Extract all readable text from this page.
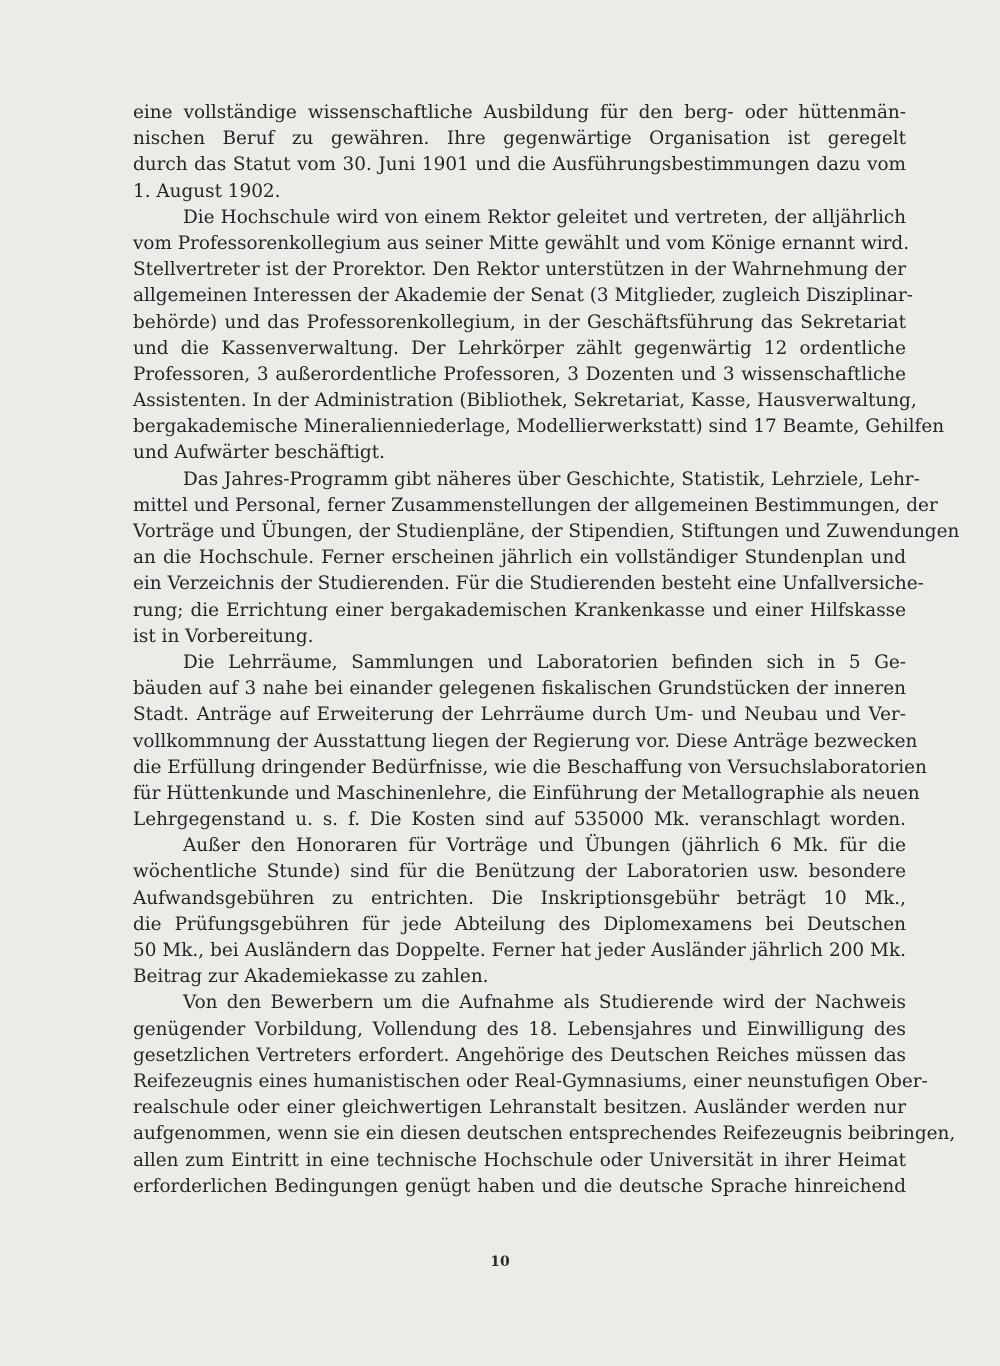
eine vollständige wissenschaftliche Ausbildung für den berg- oder hüttenmän-
nischen Beruf zu gewähren. Ihre gegenwärtige Organisation ist geregelt
durch das Statut vom 30. Juni 1901 und die Ausführungsbestimmungen dazu vom
1. August 1902.
Die Hochschule wird von einem Rektor geleitet und vertreten, der alljährlich
vom Professorenkollegium aus seiner Mitte gewählt und vom Könige ernannt wird.
Stellvertreter ist der Prorektor. Den Rektor unterstützen in der Wahrnehmung der
allgemeinen Interessen der Akademie der Senat (3 Mitglieder, zugleich Disziplinar-
behörde) und das Professorenkollegium, in der Geschäftsführung das Sekretariat
und die Kassenverwaltung. Der Lehrkörper zählt gegenwärtig 12 ordentliche
Professoren, 3 außerordentliche Professoren, 3 Dozenten und 3 wissenschaftliche
Assistenten. In der Administration (Bibliothek, Sekretariat, Kasse, Hausverwaltung,
bergakademische Mineralienniederlage, Modellierwerkstatt) sind 17 Beamte, Gehilfen
und Aufwärter beschäftigt.
Das Jahres-Programm gibt näheres über Geschichte, Statistik, Lehrziele, Lehr-
mittel und Personal, ferner Zusammenstellungen der allgemeinen Bestimmungen, der
Vorträge und Übungen, der Studienpläne, der Stipendien, Stiftungen und Zuwendungen
an die Hochschule. Ferner erscheinen jährlich ein vollständiger Stundenplan und
ein Verzeichnis der Studierenden. Für die Studierenden besteht eine Unfallversiche-
rung; die Errichtung einer bergakademischen Krankenkasse und einer Hilfskasse
ist in Vorbereitung.
Die Lehrräume, Sammlungen und Laboratorien befinden sich in 5 Ge-
bäuden auf 3 nahe bei einander gelegenen fiskalischen Grundstücken der inneren
Stadt. Anträge auf Erweiterung der Lehrräume durch Um- und Neubau und Ver-
vollkommnung der Ausstattung liegen der Regierung vor. Diese Anträge bezwecken
die Erfüllung dringender Bedürfnisse, wie die Beschaffung von Versuchslaboratorien
für Hüttenkunde und Maschinenlehre, die Einführung der Metallographie als neuen
Lehrgegenstand u. s. f. Die Kosten sind auf 535000 Mk. veranschlagt worden.
Außer den Honoraren für Vorträge und Übungen (jährlich 6 Mk. für die
wöchentliche Stunde) sind für die Benützung der Laboratorien usw. besondere
Aufwandsgebühren zu entrichten. Die Inskriptionsgebühr beträgt 10 Mk.,
die Prüfungsgebühren für jede Abteilung des Diplomexamens bei Deutschen
50 Mk., bei Ausländern das Doppelte. Ferner hat jeder Ausländer jährlich 200 Mk.
Beitrag zur Akademiekasse zu zahlen.
Von den Bewerbern um die Aufnahme als Studierende wird der Nachweis
genügender Vorbildung, Vollendung des 18. Lebensjahres und Einwilligung des
gesetzlichen Vertreters erfordert. Angehörige des Deutschen Reiches müssen das
Reifezeugnis eines humanistischen oder Real-Gymnasiums, einer neunstufigen Ober-
realschule oder einer gleichwertigen Lehranstalt besitzen. Ausländer werden nur
aufgenommen, wenn sie ein diesen deutschen entsprechendes Reifezeugnis beibringen,
allen zum Eintritt in eine technische Hochschule oder Universität in ihrer Heimat
erforderlichen Bedingungen genügt haben und die deutsche Sprache hinreichend
10
